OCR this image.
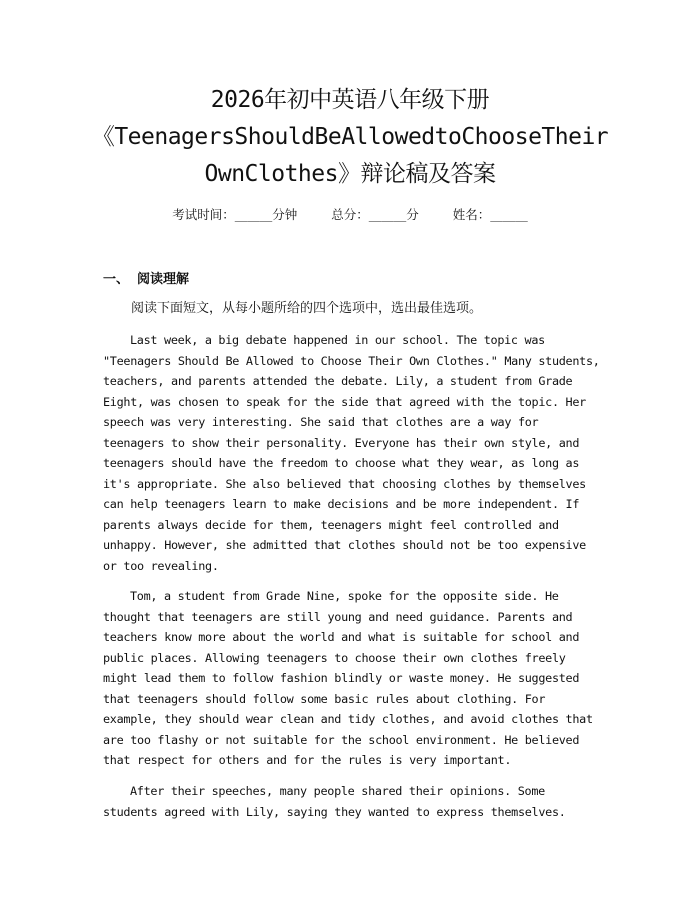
2026年初中英语八年级下册
《TeenagersShouldBeAllowedtoChooseTheir
OwnClothes》辩论稿及答案
考试时间：______分钟	总分：______分	姓名：______
一、 阅读理解
阅读下面短文，从每小题所给的四个选项中，选出最佳选项。
Last week, a big debate happened in our school. The topic was
"Teenagers Should Be Allowed to Choose Their Own Clothes." Many students,
teachers, and parents attended the debate. Lily, a student from Grade
Eight, was chosen to speak for the side that agreed with the topic. Her
speech was very interesting. She said that clothes are a way for
teenagers to show their personality. Everyone has their own style, and
teenagers should have the freedom to choose what they wear, as long as
it's appropriate. She also believed that choosing clothes by themselves
can help teenagers learn to make decisions and be more independent. If
parents always decide for them, teenagers might feel controlled and
unhappy. However, she admitted that clothes should not be too expensive
or too revealing.
Tom, a student from Grade Nine, spoke for the opposite side. He
thought that teenagers are still young and need guidance. Parents and
teachers know more about the world and what is suitable for school and
public places. Allowing teenagers to choose their own clothes freely
might lead them to follow fashion blindly or waste money. He suggested
that teenagers should follow some basic rules about clothing. For
example, they should wear clean and tidy clothes, and avoid clothes that
are too flashy or not suitable for the school environment. He believed
that respect for others and for the rules is very important.
After their speeches, many people shared their opinions. Some
students agreed with Lily, saying they wanted to express themselves.
